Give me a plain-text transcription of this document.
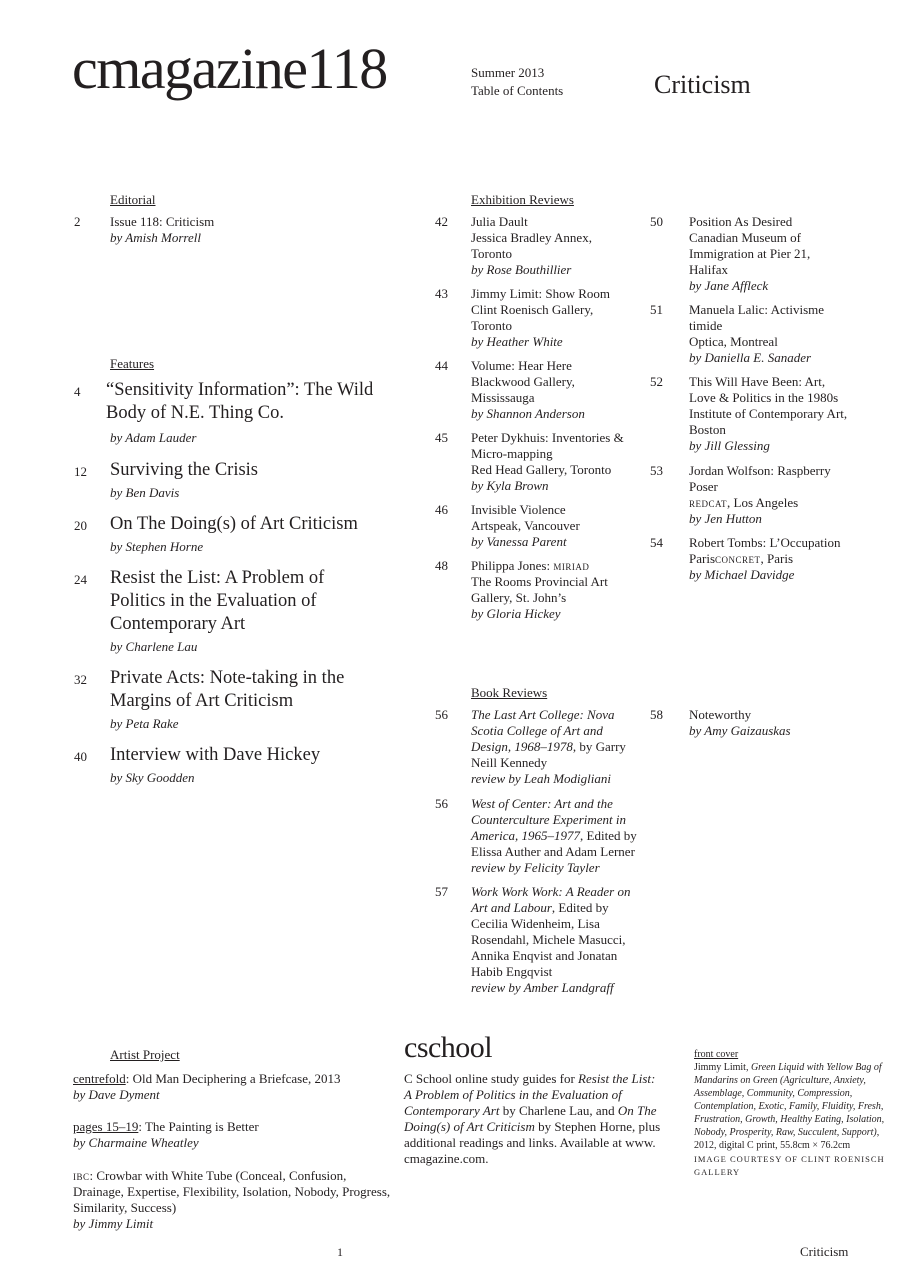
cmagazine118	Summer 2013
Table of Contents	Criticism
Editorial
2 Issue 118: Criticism
by Amish Morrell
Features
4 “Sensitivity Information”: The Wild Body of N.E. Thing Co.
by Adam Lauder
12 Surviving the Crisis
by Ben Davis
20 On The Doing(s) of Art Criticism
by Stephen Horne
24 Resist the List: A Problem of Politics in the Evaluation of Contemporary Art
by Charlene Lau
32 Private Acts: Note-taking in the Margins of Art Criticism
by Peta Rake
40 Interview with Dave Hickey
by Sky Goodden
Exhibition Reviews
42 Julia Dault
Jessica Bradley Annex, Toronto
by Rose Bouthillier
43 Jimmy Limit: Show Room
Clint Roenisch Gallery, Toronto
by Heather White
44 Volume: Hear Here
Blackwood Gallery, Mississauga
by Shannon Anderson
45 Peter Dykhuis: Inventories & Micro-mapping
Red Head Gallery, Toronto
by Kyla Brown
46 Invisible Violence
Artspeak, Vancouver
by Vanessa Parent
48 Philippa Jones: miriad
The Rooms Provincial Art Gallery, St. John’s
by Gloria Hickey
50 Position As Desired
Canadian Museum of Immigration at Pier 21, Halifax
by Jane Affleck
51 Manuela Lalic: Activisme timide
Optica, Montreal
by Daniella E. Sanader
52 This Will Have Been: Art, Love & Politics in the 1980s
Institute of Contemporary Art, Boston
by Jill Glessing
53 Jordan Wolfson: Raspberry Poser
redcat, Los Angeles
by Jen Hutton
54 Robert Tombs: L’Occupation
Parisconcret, Paris
by Michael Davidge
Book Reviews
56 The Last Art College: Nova Scotia College of Art and Design, 1968–1978, by Garry Neill Kennedy
review by Leah Modigliani
56 West of Center: Art and the Counterculture Experiment in America, 1965–1977, Edited by Elissa Auther and Adam Lerner
review by Felicity Tayler
57 Work Work Work: A Reader on Art and Labour, Edited by Cecilia Widenheim, Lisa Rosendahl, Michele Masucci, Annika Enqvist and Jonatan Habib Engqvist
review by Amber Landgraff
58 Noteworthy
by Amy Gaizauskas
Artist Project
centrefold: Old Man Deciphering a Briefcase, 2013
by Dave Dyment
pages 15–19: The Painting is Better
by Charmaine Wheatley
ibc: Crowbar with White Tube (Conceal, Confusion, Drainage, Expertise, Flexibility, Isolation, Nobody, Progress, Similarity, Success)
by Jimmy Limit
cschool
C School online study guides for Resist the List: A Problem of Politics in the Evaluation of Contemporary Art by Charlene Lau, and On The Doing(s) of Art Criticism by Stephen Horne, plus additional readings and links. Available at www. cmagazine.com.
front cover
Jimmy Limit, Green Liquid with Yellow Bag of Mandarins on Green (Agriculture, Anxiety, Assemblage, Community, Compression, Contemplation, Exotic, Family, Fluidity, Fresh, Frustration, Growth, Healthy Eating, Isolation, Nobody, Prosperity, Raw, Succulent, Support), 2012, digital C print, 55.8cm × 76.2cm
IMAGE COURTESY OF CLINT ROENISCH GALLERY
1	Criticism
